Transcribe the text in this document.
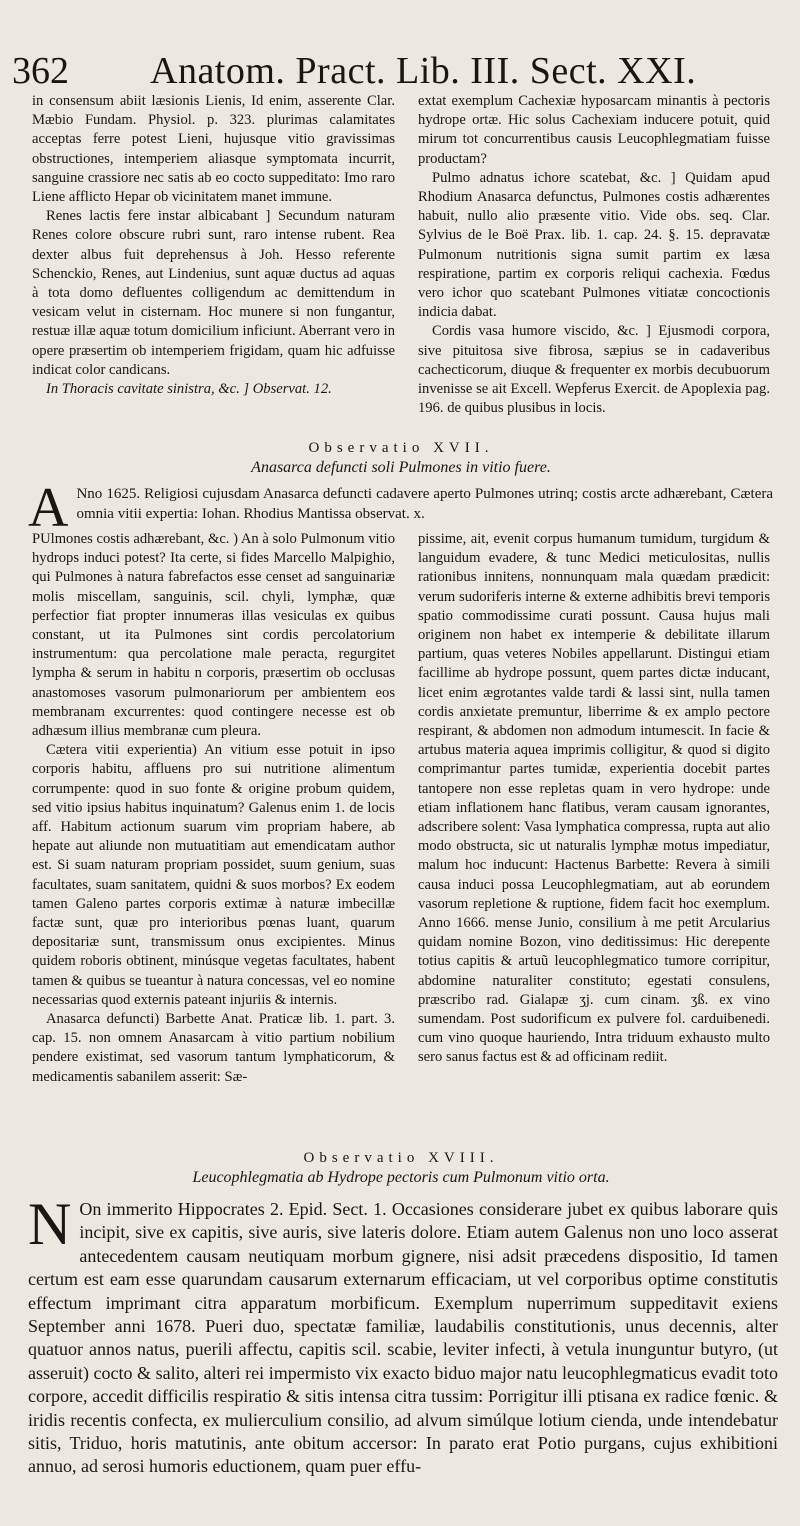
362 Anatom. Pract. Lib. III. Sect. XXI.

in consensum abiit læsionis Lienis, Id enim, asserente Clar. Mæbio Fundam. Physiol. p. 323. plurimas calamitates acceptas ferre potest Lieni, hujusque vitio gravissimas obstructiones, intemperiem aliasque symptomata incurrit, sanguine crassiore nec satis ab eo cocto suppeditato: Imo raro Liene afflicto Hepar ob vicinitatem manet immune.

Renes lactis fere instar albicabant ] Secundum naturam Renes colore obscure rubri sunt, raro intense rubent. Rea dexter albus fuit deprehensus à Joh. Hesso referente Schenckio, Renes, aut Lindenius, sunt aquæ ductus ad aquas à tota domo defluentes colligendum ac demittendum in vesicam velut in cisternam. Hoc munere si non fungantur, restuæ illæ aquæ totum domicilium inficiunt. Aberrant vero in opere præsertim ob intemperiem frigidam, quam hic adfuisse indicat color candicans.

In Thoracis cavitate sinistra, &c. ] Observat. 12.

extat exemplum Cachexiæ hyposarcam minantis à pectoris hydrope ortæ. Hic solus Cachexiam inducere potuit, quid mirum tot concurrentibus causis Leucophlegmatiam fuisse productam?

Pulmo adnatus ichore scatebat, &c. ] Quidam apud Rhodium Anasarca defunctus, Pulmones costis adhærentes habuit, nullo alio præsente vitio. Vide obs. seq. Clar. Sylvius de le Boë Prax. lib. 1. cap. 24. §. 15. depravatæ Pulmonum nutritionis signa sumit partim ex læsa respiratione, partim ex corporis reliqui cachexia. Fœdus vero ichor quo scatebant Pulmones vitiatæ concoctionis indicia dabat.

Cordis vasa humore viscido, &c. ] Ejusmodi corpora, sive pituitosa sive fibrosa, sæpius se in cadaveribus cachecticorum, diuque & frequenter ex morbis decubuorum invenisse se ait Excell. Wepferus Exercit. de Apoplexia pag. 196. de quibus plusibus in locis.

Observatio XVII.
Anasarca defuncti soli Pulmones in vitio fuere.
A Nno 1625. Religiosi cujusdam Anasarca defuncti cadavere aperto Pulmones utrinq; costis arcte adhærebant, Cætera omnia vitii expertia: Iohan. Rhodius Mantissa observat. x.

PUlmones costis adhærebant, &c. ) An à solo Pulmonum vitio hydrops induci potest? Ita certe, si fides Marcello Malpighio, qui Pulmones à natura fabrefactos esse censet ad sanguinariæ molis miscellam, sanguinis, scil. chyli, lymphæ, quæ perfectior fiat propter innumeras illas vesiculas ex quibus constant, ut ita Pulmones sint cordis percolatorium instrumentum: qua percolatione male peracta, regurgitet lympha & serum in habitu n corporis, præsertim ob occlusas anastomoses vasorum pulmonariorum per ambientem eos membranam excurrentes: quod contingere necesse est ob adhæsum illius membranæ cum pleura.

Cætera vitii experientia) An vitium esse potuit in ipso corporis habitu, affluens pro sui nutritione alimentum corrumpente: quod in suo fonte & origine probum quidem, sed vitio ipsius habitus inquinatum? Galenus enim 1. de locis aff. Habitum actionum suarum vim propriam habere, ab hepate aut aliunde non mutuatitiam aut emendicatam author est. Si suam naturam propriam possidet, suum genium, suas facultates, suam sanitatem, quidni & suos morbos? Ex eodem tamen Galeno partes corporis extimæ à naturæ imbecillæ factæ sunt, quæ pro interioribus pœnas luant, quarum depositariæ sunt, transmissum onus excipientes. Minus quidem roboris obtinent, minúsque vegetas facultates, habent tamen & quibus se tueantur à natura concessas, vel eo nomine necessarias quod externis pateant injuriis & internis.

Anasarca defuncti) Barbette Anat. Praticæ lib. 1. part. 3. cap. 15. non omnem Anasarcam à vitio partium nobilium pendere existimat, sed vasorum tantum lymphaticorum, & medicamentis sabanilem asserit: Sæ-

pissime, ait, evenit corpus humanum tumidum, turgidum & languidum evadere, & tunc Medici meticulositas, nullis rationibus innitens, nonnunquam mala quædam prædicit: verum sudoriferis interne & externe adhibitis brevi temporis spatio commodissime curati possunt. Causa hujus mali originem non habet ex intemperie & debilitate illarum partium, quas veteres Nobiles appellarunt. Distingui etiam facillime ab hydrope possunt, quem partes dictæ inducant, licet enim ægrotantes valde tardi & lassi sint, nulla tamen cordis anxietate premuntur, liberrime & ex amplo pectore respirant, & abdomen non admodum intumescit. In facie & artubus materia aquea imprimis colligitur, & quod si digito comprimantur partes tumidæ, experientia docebit partes tantopere non esse repletas quam in vero hydrope: unde etiam inflationem hanc flatibus, veram causam ignorantes, adscribere solent: Vasa lymphatica compressa, rupta aut alio modo obstructa, sic ut naturalis lymphæ motus impediatur, malum hoc inducunt: Hactenus Barbette: Revera à simili causa induci possa Leucophlegmatiam, aut ab eorundem vasorum repletione & ruptione, fidem facit hoc exemplum. Anno 1666. mense Junio, consilium à me petit Arcularius quidam nomine Bozon, vino deditissimus: Hic derepente totius capitis & artuũ leucophlegmatico tumore corripitur, abdomine naturaliter constituto; egestati consulens, præscribo rad. Gialapæ ʒj. cum cinam. ʒß. ex vino sumendam. Post sudorificum ex pulvere fol. carduibenedi. cum vino quoque hauriendo, Intra triduum exhausto multo sero sanus factus est & ad officinam rediit.

Observatio XVIII.
Leucophlegmatia ab Hydrope pectoris cum Pulmonum vitio orta.
N On immerito Hippocrates 2. Epid. Sect. 1. Occasiones considerare jubet ex quibus laborare quis incipit, sive ex capitis, sive auris, sive lateris dolore. Etiam autem Galenus non uno loco asserat antecedentem causam neutiquam morbum gignere, nisi adsit præcedens dispositio, Id tamen certum est eam esse quarundam causarum externarum efficaciam, ut vel corporibus optime constitutis effectum imprimant citra apparatum morbificum. Exemplum nuperrimum suppeditavit exiens September anni 1678. Pueri duo, spectatæ familiæ, laudabilis constitutionis, unus decennis, alter quatuor annos natus, puerili affectu, capitis scil. scabie, leviter infecti, à vetula inunguntur butyro, (ut asseruit) cocto & salito, alteri rei impermisto vix exacto biduo major natu leucophlegmaticus evadit toto corpore, accedit difficilis respiratio & sitis intensa citra tussim: Porrigitur illi ptisana ex radice fœnic. & iridis recentis confecta, ex mulierculium consilio, ad alvum simúlque lotium cienda, unde intendebatur sitis, Triduo, horis matutinis, ante obitum accersor: In parato erat Potio purgans, cujus exhibitioni annuo, ad serosi humoris eductionem, quam puer effu-
